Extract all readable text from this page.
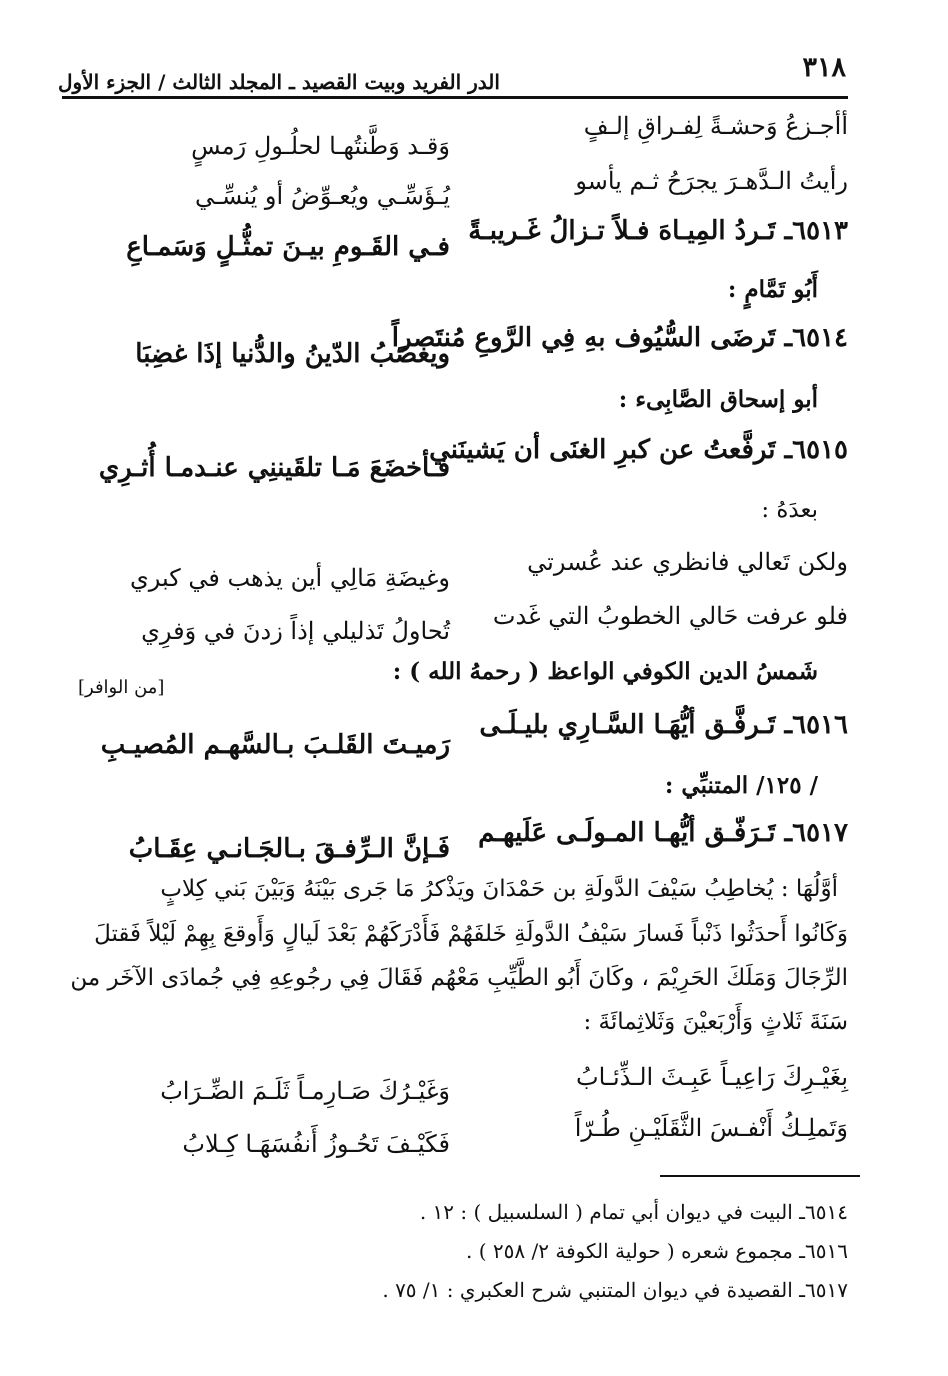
٣١٨
الدر الفريد وبيت القصيد ـ المجلد الثالث / الجزء الأول
أأجـزعُ وَحشـةً لِفـراقِ إلـفٍ
وَقـد وَطَّنتُهـا لحلُـولِ رَمسٍ
رأيتُ الـدَّهـرَ يجرَحُ ثـم يأسو
يُـؤَسِّـي ويُعـوِّضُ أو يُنسِّـي
٦٥١٣ـ تَـردُ المِيـاهَ فـلاً تـزالُ غَـريبـةً
فـي القَـومِ بيـنَ تمثُّـلٍ وَسَمـاعِ
أَبُو تَمَّامٍ :
٦٥١٤ـ تَرضَى السُّيُوف بهِ فِي الرَّوعِ مُنتَصراً
ويغضَبُ الدّينُ والدُّنيا إذَا غضِبَا
أبو إسحاق الصَّابِىء :
٦٥١٥ـ تَرفَّعتُ عن كبرِ الغنَى أن يَشينَني
فـأخضَعَ مَـا تلقَيننِي عنـدمـا أُثـرِي
بعدَهُ :
ولكن تَعالي فانظري عند عُسرتي
وغيضَةِ مَالِي أين يذهب في كبري
فلو عرفت حَالي الخطوبُ التي غَدت
تُحاولُ تَذليلي إذاً زدنَ في وَفرِي
شَمسُ الدين الكوفي الواعظ ( رحمهُ الله ) :
[من الوافر]
٦٥١٦ـ تَـرفَّـق أيُّهَـا السَّـارِي بليـلَـى
رَميـتَ القَلـبَ بـالسَّهـم المُصيـبِ
/ ١٢٥/ المتنبِّي :
٦٥١٧ـ تَـرَفّـق أيُّهـا المـولَـى عَلَيهـم
فَـإنَّ الـرِّفـقَ بـالجَـانـي عِقَـابُ
أوَّلُهَا : يُخاطِبُ سَيْفَ الدَّولَةِ بن حَمْدَانَ ويَذْكرُ مَا جَرى بَيْنَهُ وَبَيْنَ بَني كِلابٍ
وَكَانُوا أَحدَثُوا ذَنْباً فَسارَ سَيْفُ الدَّولَةِ خَلفَهُمْ فَأَدْرَكَهُمْ بَعْدَ لَيالٍ وَأَوقعَ بِهِمْ لَيْلاً فَقتلَ
الرِّجَالَ وَمَلَكَ الحَرِيْمَ ، وكَانَ أَبُو الطَّيِّبِ مَعْهُم فَقَالَ فِي رجُوعِهِ فِي جُمادَى الآخَر من
سَنَةَ ثَلاثٍ وَأَرْبَعيْنَ وَثَلاثِمائَةَ :
بِغَيْـرِكَ رَاعِيـاً عَبِـثَ الـذِّئـابُ
وَغَيْـرُكَ صَـارِمـاً ثَلَـمَ الضِّـرَابُ
وَتَملِـكُ أَنْفـسَ الثَّقَلَيْـنِ طُـرّاً
فَكَيْـفَ تَحُـوزُ أَنفُسَهَـا كِـلابُ
٦٥١٤ـ البيت في ديوان أبي تمام ( السلسبيل ) : ١٢ .
٦٥١٦ـ مجموع شعره ( حولية الكوفة ٢/ ٢٥٨ ) .
٦٥١٧ـ القصيدة في ديوان المتنبي شرح العكبري : ١/ ٧٥ .
